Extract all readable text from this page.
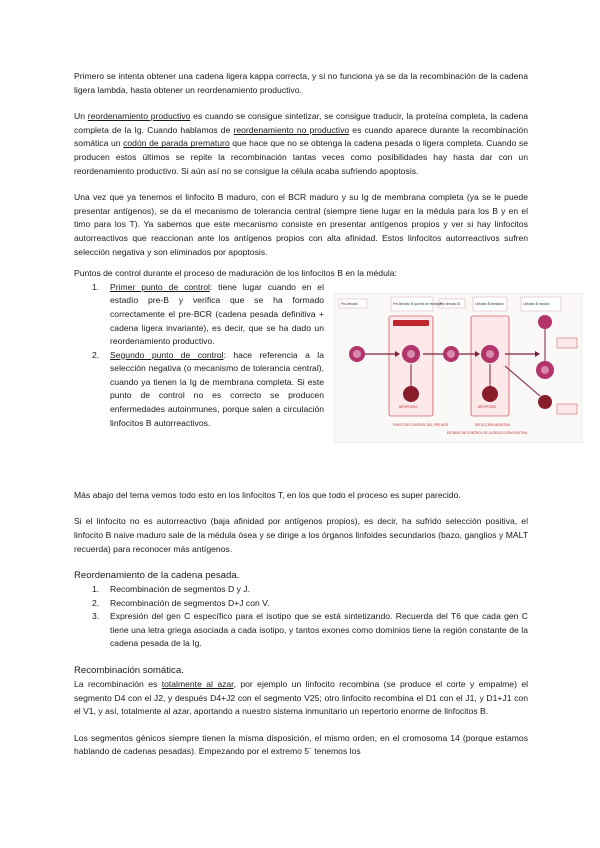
Primero se intenta obtener una cadena ligera kappa correcta, y si no funciona ya se da la recombinación de la cadena ligera lambda, hasta obtener un reordenamiento productivo.

Un reordenamiento productivo es cuando se consigue sintetizar, se consigue traducir, la proteína completa, la cadena completa de la Ig. Cuando hablamos de reordenamiento no productivo es cuando aparece durante la recombinación somática un codón de parada prematuro que hace que no se obtenga la cadena pesada o ligera completa. Cuando se producen estos últimos se repite la recombinación tantas veces como posibilidades hay hasta dar con un reordenamiento productivo. Si aún así no se consigue la célula acaba sufriendo apoptosis.

Una vez que ya tenemos el linfocito B maduro, con el BCR maduro y su Ig de membrana completa (ya se le puede presentar antígenos), se da el mecanismo de tolerancia central (siempre tiene lugar en la médula para los B y en el timo para los T). Ya sabemos que este mecanismo consiste en presentar antígenos propios y ver si hay linfocitos autorreactivos que reaccionan ante los antígenos propios con alta afinidad. Estos linfocitos autorreactivos sufren selección negativa y son eliminados por apoptosis.

Puntos de control durante el proceso de maduración de los linfocitos B en la médula:

1. Primer punto de control: tiene lugar cuando en el estadío pre-B y verifica que se ha formado correctamente el pre-BCR (cadena pesada definitiva + cadena ligera invariante), es decir, que se ha dado un reordenamiento productivo.
2. Segundo punto de control: hace referencia a la selección negativa (o mecanismo de tolerancia central), cuando ya tienen la Ig de membrana completa. Si este punto de control no es correcto se producen enfermedades autoinmunes, porque salen a circulación linfocitos B autorreactivos.
Pro-linfocito	Pre-linfocito B (control de receptor)
Pre-linfocito B	Linfocito B inmaduro	Linfocito B maduro
PUNTO DE CONTROL DEL PRE-BCR	SELECCIÓN NEGATIVA
APOPTOSIS	APOPTOSIS
ESTADIO DE CONTROL DE LA SELECCIÓN POSITIVA

Más abajo del tema vemos todo esto en los linfocitos T, en los que todo el proceso es super parecido.

Si el linfocito no es autorreactivo (baja afinidad por antígenos propios), es decir, ha sufrido selección positiva, el linfocito B naive maduro sale de la médula ósea y se dirige a los órganos linfoides secundarios (bazo, ganglios y MALT recuerda) para reconocer más antígenos.

Reordenamiento de la cadena pesada.
1. Recombinación de segmentos D y J.
2. Recombinación de segmentos D+J con V.
3. Expresión del gen C específico para el isotipo que se está sintetizando. Recuerda del T6 que cada gen C tiene una letra griega asociada a cada isotipo, y tantos exones como dominios tiene la región constante de la cadena pesada de la Ig.
Recombinación somática.

La recombinación es totalmente al azar, por ejemplo un linfocito recombina (se produce el corte y empalme) el segmento D4 con el J2, y después D4+J2 con el segmento V25; otro linfocito recombina el D1 con el J1, y D1+J1 con el V1, y así, totalmente al azar, aportando a nuestro sistema inmunitario un repertorio enorme de linfocitos B.

Los segmentos génicos siempre tienen la misma disposición, el mismo orden, en el cromosoma 14 (porque estamos hablando de cadenas pesadas). Empezando por el extremo 5´ tenemos los
